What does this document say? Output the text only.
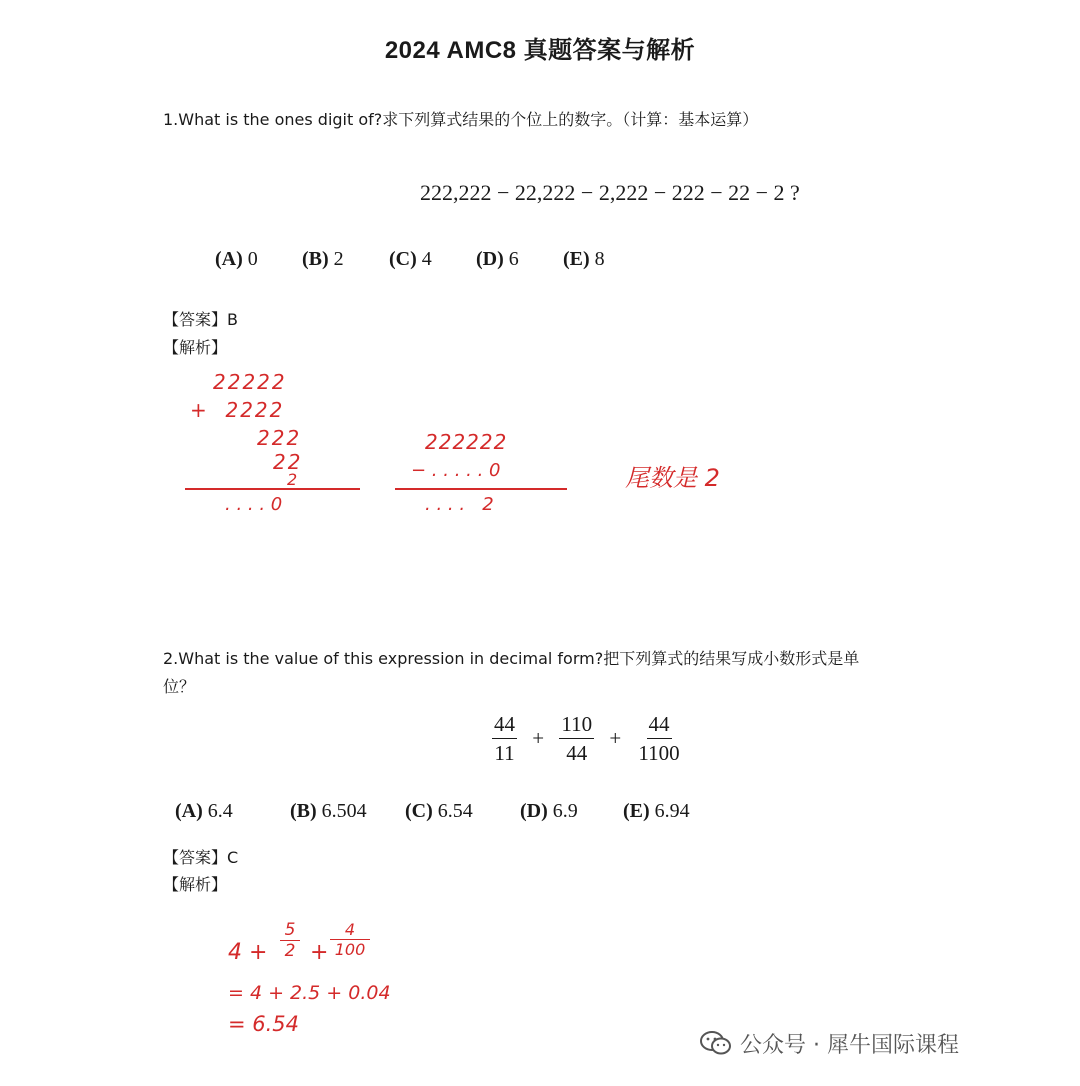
2024 AMC8 真题答案与解析
1.What is the ones digit of?求下列算式结果的个位上的数字。（计算：基本运算）
222,222 − 22,222 − 2,222 − 222 − 22 − 2 ?
(A) 0 (B) 2 (C) 4 (D) 6 (E) 8
【答案】B
【解析】
22222
+  2222
222
22
2
. . . . 0
222222
− . . . . . 0
. . . .   2
尾数是 2
2.What is the value of this expression in decimal form?把下列算式的结果写成小数形式是单
位？
$\frac{44}{11} + \frac{110}{44} + \frac{44}{1100}$
(A) 6.4	(B) 6.504 (C) 6.54 (D) 6.9 (E) 6.94
【答案】C
【解析】
4 +
5
2 +
4
100
= 4 + 2.5 + 0.04
= 6.54
公众号 · 犀牛国际课程
